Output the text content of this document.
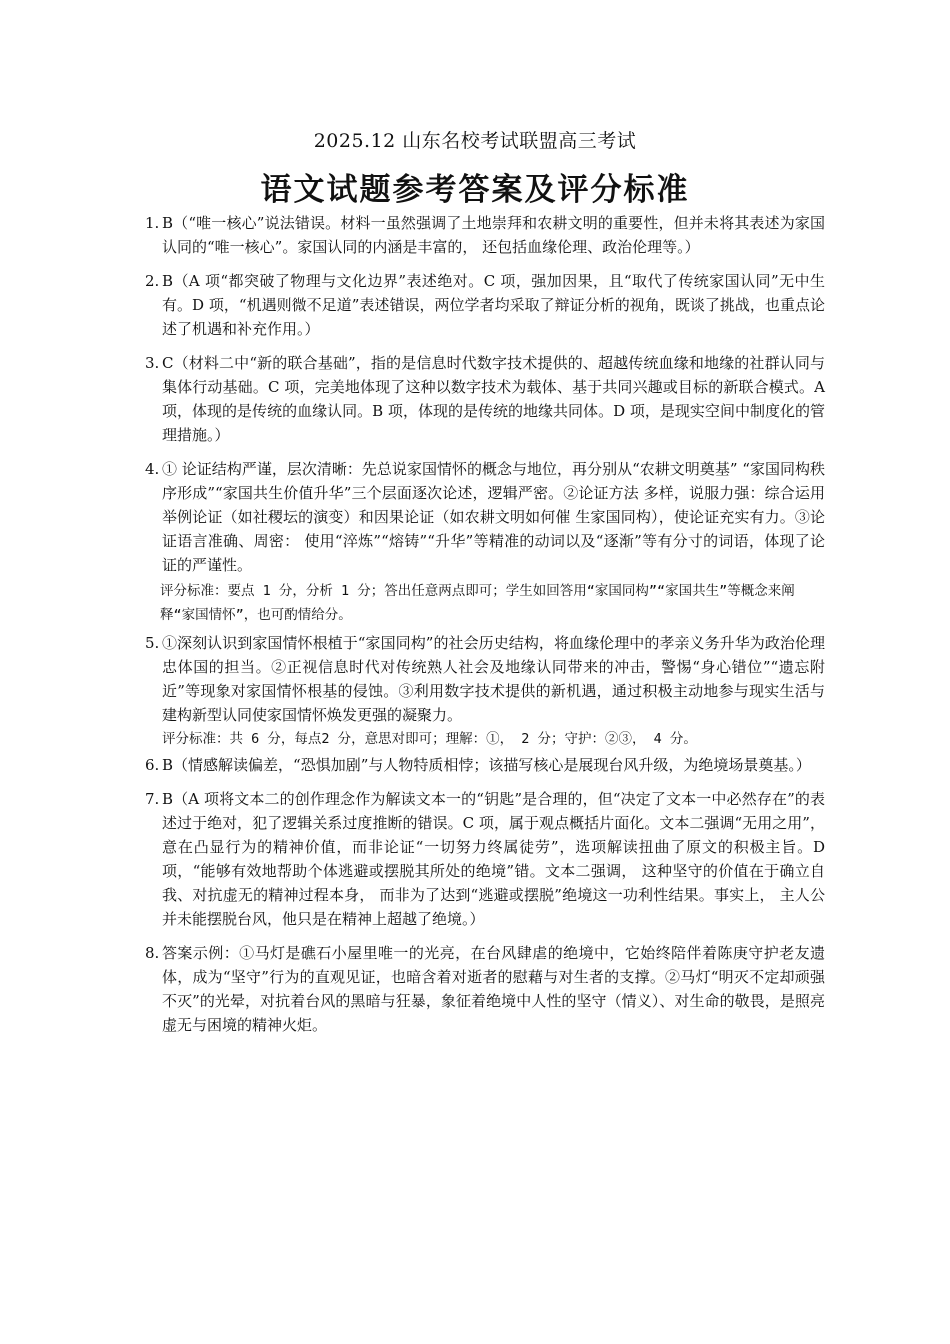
2025.12 山东名校考试联盟高三考试
语文试题参考答案及评分标准
1. B（“唯一核心”说法错误。材料一虽然强调了土地崇拜和农耕文明的重要性，但并未将其表述为家国认同的“唯一核心”。家国认同的内涵是丰富的， 还包括血缘伦理、政治伦理等。）
2. B（A 项“都突破了物理与文化边界”表述绝对。C 项，强加因果，且“取代了传统家国认同”无中生有。D 项，“机遇则微不足道”表述错误，两位学者均采取了辩证分析的视角，既谈了挑战，也重点论述了机遇和补充作用。）
3. C（材料二中“新的联合基础”，指的是信息时代数字技术提供的、超越传统血缘和地缘的社群认同与集体行动基础。C 项，完美地体现了这种以数字技术为载体、基于共同兴趣或目标的新联合模式。A 项，体现的是传统的血缘认同。B 项，体现的是传统的地缘共同体。D 项，是现实空间中制度化的管理措施。）
4. ① 论证结构严谨，层次清晰：先总说家国情怀的概念与地位，再分别从“农耕文明奠基” “家国同构秩序形成”“家国共生价值升华”三个层面逐次论述，逻辑严密。②论证方法 多样，说服力强：综合运用举例论证（如社稷坛的演变）和因果论证（如农耕文明如何催 生家国同构），使论证充实有力。③论证语言准确、周密： 使用“淬炼”“熔铸”“升华”等精准的动词以及“逐渐”等有分寸的词语，体现了论证的严谨性。
评分标准：要点 1 分，分析 1 分；答出任意两点即可；学生如回答用“家国同构”“家国共生”等概念来阐释“家国情怀”，也可酌情给分。
5. ①深刻认识到家国情怀根植于“家国同构”的社会历史结构，将血缘伦理中的孝亲义务升华为政治伦理忠体国的担当。②正视信息时代对传统熟人社会及地缘认同带来的冲击，警惕“身心错位”“遗忘附近”等现象对家国情怀根基的侵蚀。③利用数字技术提供的新机遇，通过积极主动地参与现实生活与建构新型认同使家国情怀焕发更强的凝聚力。
评分标准：共 6 分，每点2 分，意思对即可；理解：①， 2 分；守护：②③， 4 分。
6. B（情感解读偏差，“恐惧加剧”与人物特质相悖；该描写核心是展现台风升级，为绝境场景奠基。）
7. B（A 项将文本二的创作理念作为解读文本一的“钥匙”是合理的，但“决定了文本一中必然存在”的表述过于绝对，犯了逻辑关系过度推断的错误。C 项，属于观点概括片面化。文本二强调“无用之用”，意在凸显行为的精神价值，而非论证“一切努力终属徒劳”，选项解读扭曲了原文的积极主旨。D 项，“能够有效地帮助个体逃避或摆脱其所处的绝境”错。文本二强调， 这种坚守的价值在于确立自我、对抗虚无的精神过程本身， 而非为了达到“逃避或摆脱”绝境这一功利性结果。事实上， 主人公并未能摆脱台风，他只是在精神上超越了绝境。）
8. 答案示例：①马灯是礁石小屋里唯一的光亮，在台风肆虐的绝境中，它始终陪伴着陈庚守护老友遗体，成为“坚守”行为的直观见证，也暗含着对逝者的慰藉与对生者的支撑。②马灯“明灭不定却顽强不灭”的光晕，对抗着台风的黑暗与狂暴，象征着绝境中人性的坚守（情义）、对生命的敬畏，是照亮虚无与困境的精神火炬。
